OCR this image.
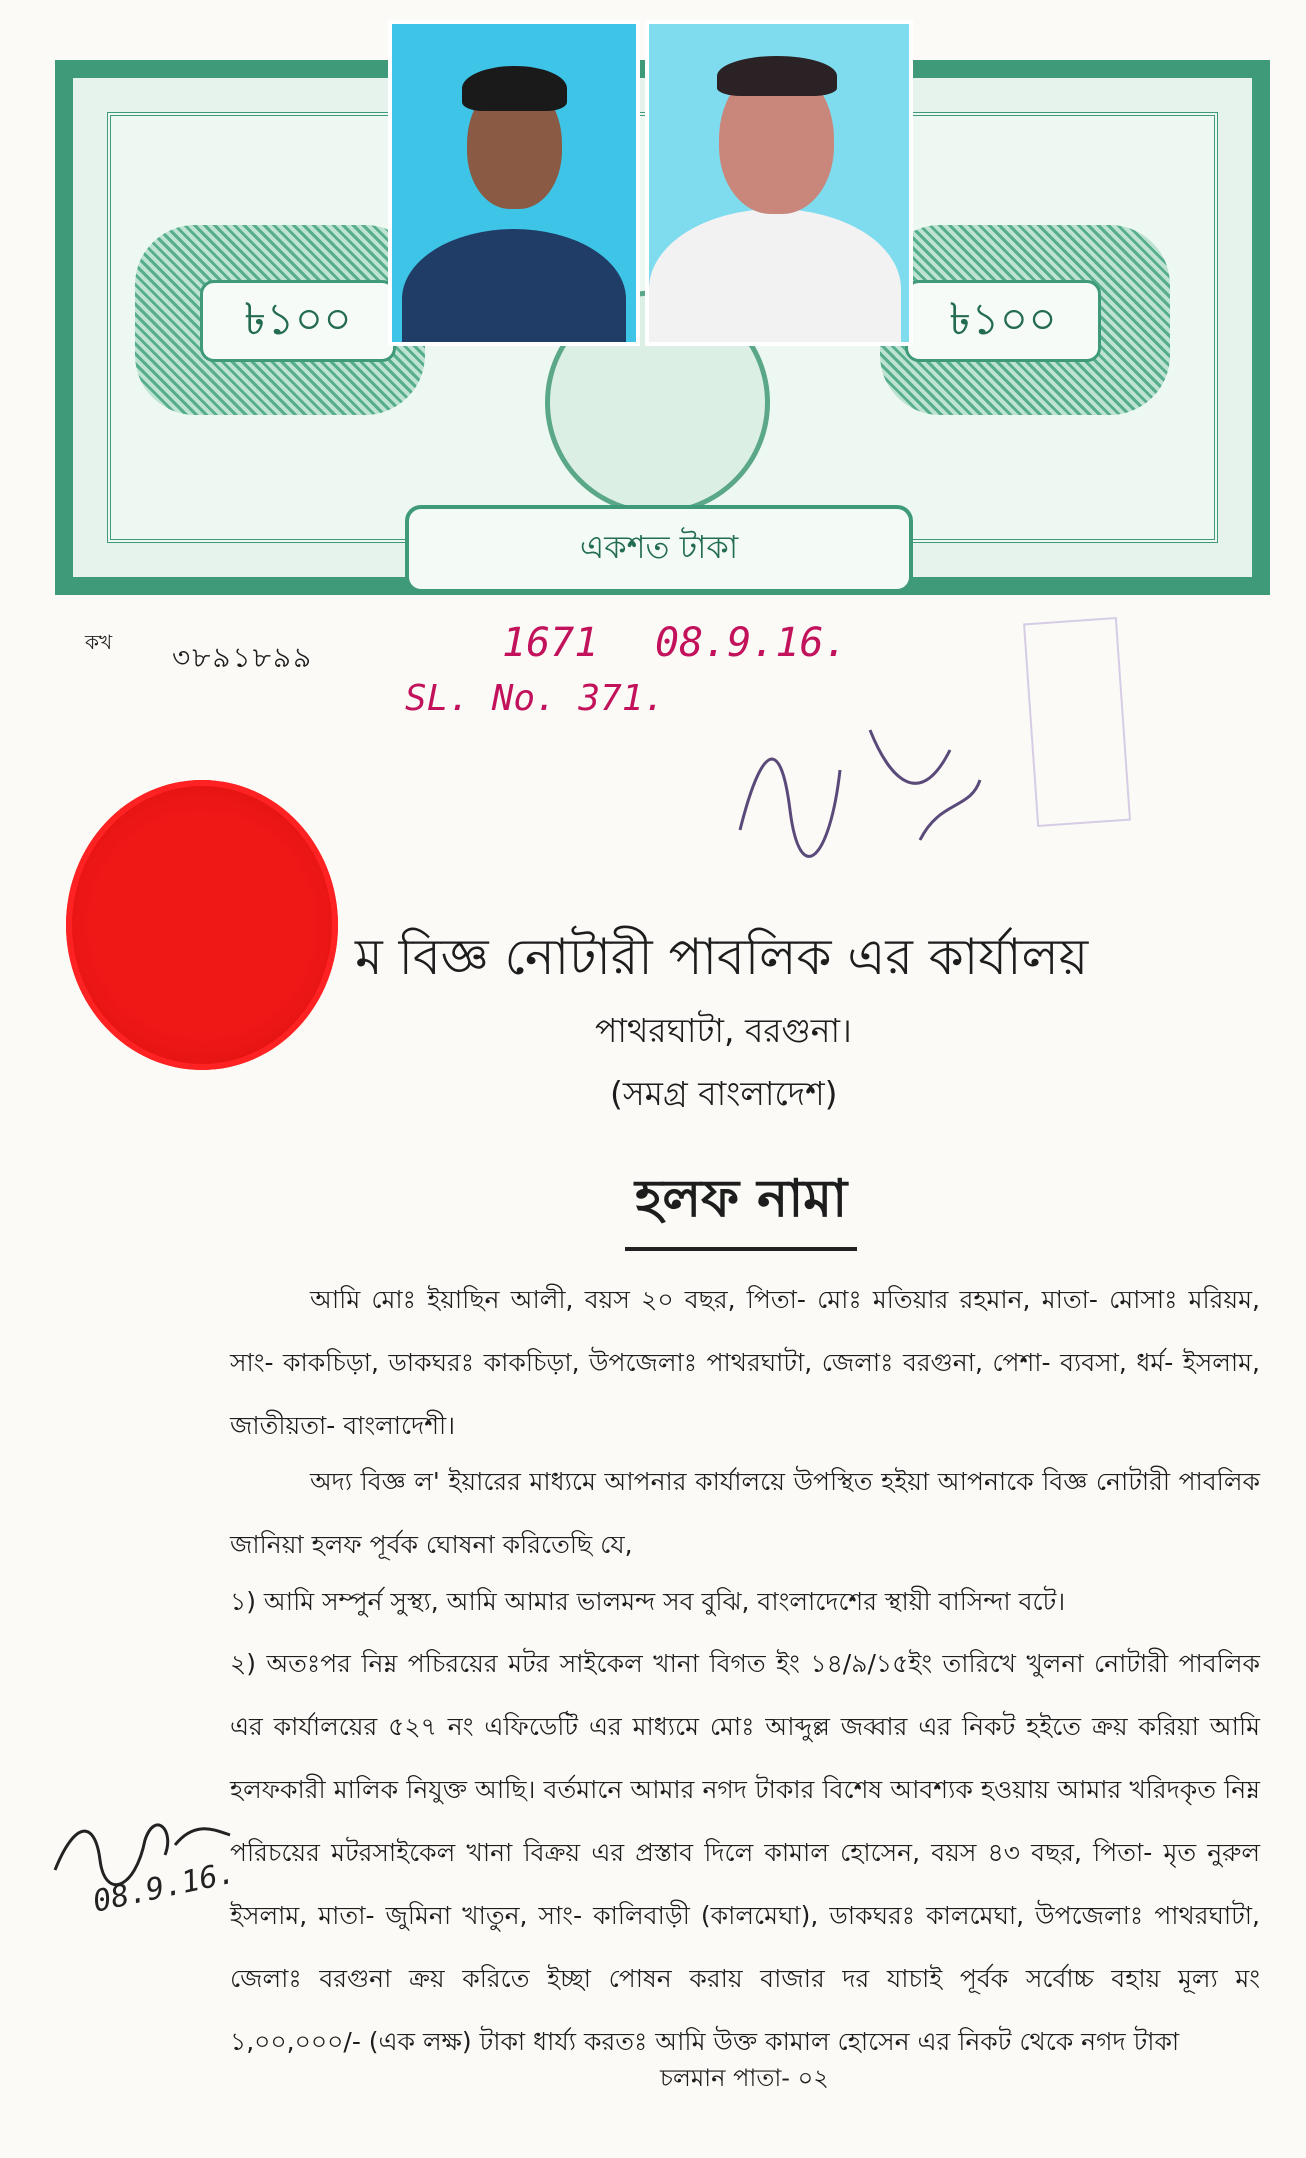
৳১০০	৳১০০
একশত টাকা
কখ ৩৮৯১৮৯৯	1671 08.9.16.
SL. No. 371.
ম বিজ্ঞ নোটারী পাবলিক এর কার্যালয়
পাথরঘাটা, বরগুনা।
(সমগ্র বাংলাদেশ)
হলফ নামা

আমি মোঃ ইয়াছিন আলী, বয়স ২০ বছর, পিতা- মোঃ মতিয়ার রহমান, মাতা- মোসাঃ মরিয়ম, সাং- কাকচিড়া, ডাকঘরঃ কাকচিড়া, উপজেলাঃ পাথরঘাটা, জেলাঃ বরগুনা, পেশা- ব্যবসা, ধর্ম- ইসলাম, জাতীয়তা- বাংলাদেশী।

অদ্য বিজ্ঞ ল' ইয়ারের মাধ্যমে আপনার কার্যালয়ে উপস্থিত হইয়া আপনাকে বিজ্ঞ নোটারী পাবলিক জানিয়া হলফ পূর্বক ঘোষনা করিতেছি যে,

১) আমি সম্পুর্ন সুস্থ্য, আমি আমার ভালমন্দ সব বুঝি, বাংলাদেশের স্থায়ী বাসিন্দা বটে।

২) অতঃপর নিম্ন পচিরয়ের মটর সাইকেল খানা বিগত ইং ১৪/৯/১৫ইং তারিখে খুলনা নোটারী পাবলিক এর কার্যালয়ের ৫২৭ নং এফিডেটি এর মাধ্যমে মোঃ আব্দুল্ল জব্বার এর নিকট হইতে ক্রয় করিয়া আমি হলফকারী মালিক নিযুক্ত আছি। বর্তমানে আমার নগদ টাকার বিশেষ আবশ্যক হওয়ায় আমার খরিদকৃত নিম্ন পরিচয়ের মটরসাইকেল খানা বিক্রয় এর প্রস্তাব দিলে কামাল হোসেন, বয়স ৪৩ বছর, পিতা- মৃত নুরুল ইসলাম, মাতা- জুমিনা খাতুন, সাং- কালিবাড়ী (কালমেঘা), ডাকঘরঃ কালমেঘা, উপজেলাঃ পাথরঘাটা, জেলাঃ বরগুনা ক্রয় করিতে ইচ্ছা পোষন করায় বাজার দর যাচাই পূর্বক সর্বোচ্চ বহায় মূল্য মং ১,০০,০০০/- (এক লক্ষ) টাকা ধার্য্য করতঃ আমি উক্ত কামাল হোসেন এর নিকট থেকে নগদ টাকা

08.9.16.
চলমান পাতা- ০২
